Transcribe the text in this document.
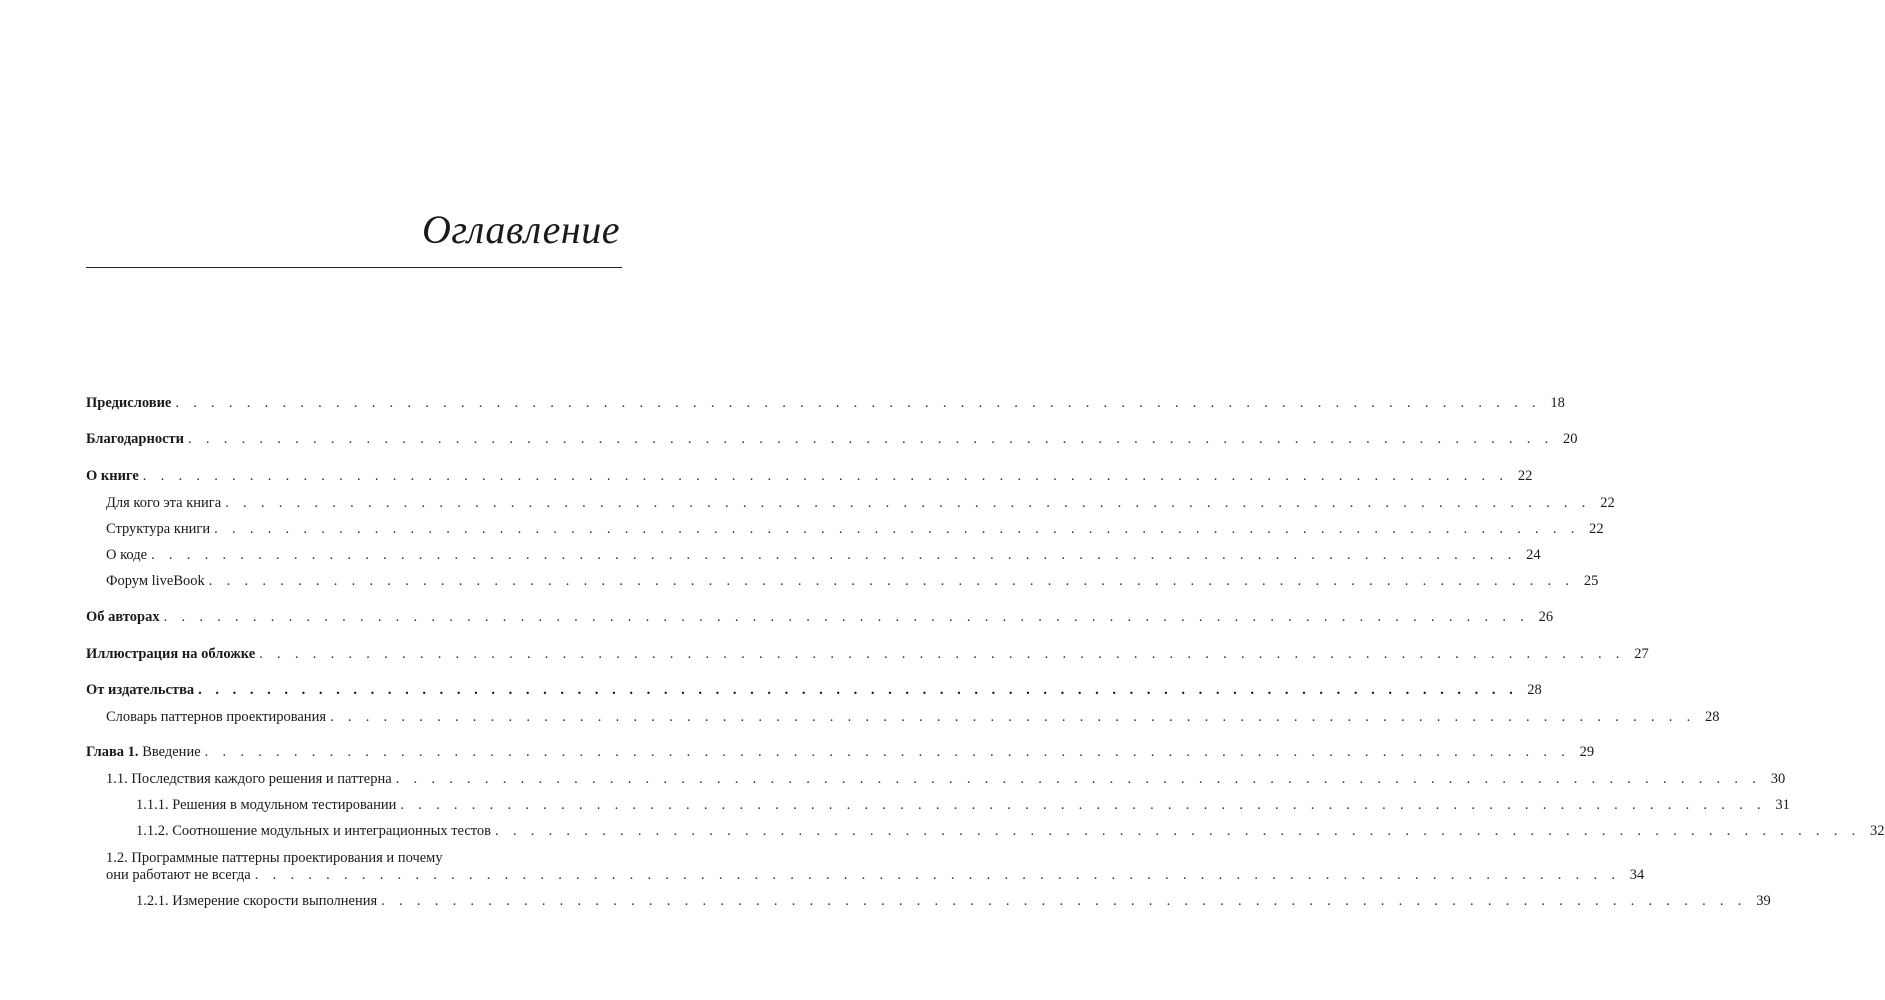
Оглавление
Предисловие . . . . . . . . . . . . . . . . . . . . . . . . . . . . . . . . . . . . . . . . . . . . . . . . . . . . . . . . . . . . . . . . . . . . . . . . . . . . . 18
Благодарности . . . . . . . . . . . . . . . . . . . . . . . . . . . . . . . . . . . . . . . . . . . . . . . . . . . . . . . . . . . . . . . . . . . . . . . . . . . . . 20
О книге . . . . . . . . . . . . . . . . . . . . . . . . . . . . . . . . . . . . . . . . . . . . . . . . . . . . . . . . . . . . . . . . . . . . . . . . . . . . . 22
Для кого эта книга . . . . . . . . . . . . . . . . . . . . . . . . . . . . . . . . . . . . . . . . . . . . . . . . . . . . . . . . . . . . . . . . . . . . . . . . . . . . . 22
Структура книги . . . . . . . . . . . . . . . . . . . . . . . . . . . . . . . . . . . . . . . . . . . . . . . . . . . . . . . . . . . . . . . . . . . . . . . . . . . . . 22
О коде . . . . . . . . . . . . . . . . . . . . . . . . . . . . . . . . . . . . . . . . . . . . . . . . . . . . . . . . . . . . . . . . . . . . . . . . . . . . . 24
Форум liveBook . . . . . . . . . . . . . . . . . . . . . . . . . . . . . . . . . . . . . . . . . . . . . . . . . . . . . . . . . . . . . . . . . . . . . . . . . . . . . 25
Об авторах . . . . . . . . . . . . . . . . . . . . . . . . . . . . . . . . . . . . . . . . . . . . . . . . . . . . . . . . . . . . . . . . . . . . . . . . . . . . . 26
Иллюстрация на обложке . . . . . . . . . . . . . . . . . . . . . . . . . . . . . . . . . . . . . . . . . . . . . . . . . . . . . . . . . . . . . . . . . . . . . . . . . . . . . 27
От издательства . . . . . . . . . . . . . . . . . . . . . . . . . . . . . . . . . . . . . . . . . . . . . . . . . . . . . . . . . . . . . . . . . . . . . . . . . . . . . 28
Словарь паттернов проектирования . . . . . . . . . . . . . . . . . . . . . . . . . . . . . . . . . . . . . . . . . . . . . . . . . . . . . . . . . . . . . . . . . . . . . . . . . . . . . 28
Глава 1. Введение . . . . . . . . . . . . . . . . . . . . . . . . . . . . . . . . . . . . . . . . . . . . . . . . . . . . . . . . . . . . . . . . . . . . . . . . . . . . . 29
1.1. Последствия каждого решения и паттерна . . . . . . . . . . . . . . . . . . . . . . . . . . . . . . . . . . . . . . . . . . . . . . . . . . . . . . . . . . . . . . . . . . . . . . . . . . . . . 30
1.1.1. Решения в модульном тестировании . . . . . . . . . . . . . . . . . . . . . . . . . . . . . . . . . . . . . . . . . . . . . . . . . . . . . . . . . . . . . . . . . . . . . . . . . . . . . 31
1.1.2. Соотношение модульных и интеграционных тестов . . . . . . . . . . . . . . . . . . . . . . . . . . . . . . . . . . . . . . . . . . . . . . . . . . . . . . . . . . . . . . . . . . . . . . . . . . . . . 32
1.2. Программные паттерны проектирования и почему
они работают не всегда . . . . . . . . . . . . . . . . . . . . . . . . . . . . . . . . . . . . . . . . . . . . . . . . . . . . . . . . . . . . . . . . . . . . . . . . . . . . . 34
1.2.1. Измерение скорости выполнения . . . . . . . . . . . . . . . . . . . . . . . . . . . . . . . . . . . . . . . . . . . . . . . . . . . . . . . . . . . . . . . . . . . . . . . . . . . . . 39
